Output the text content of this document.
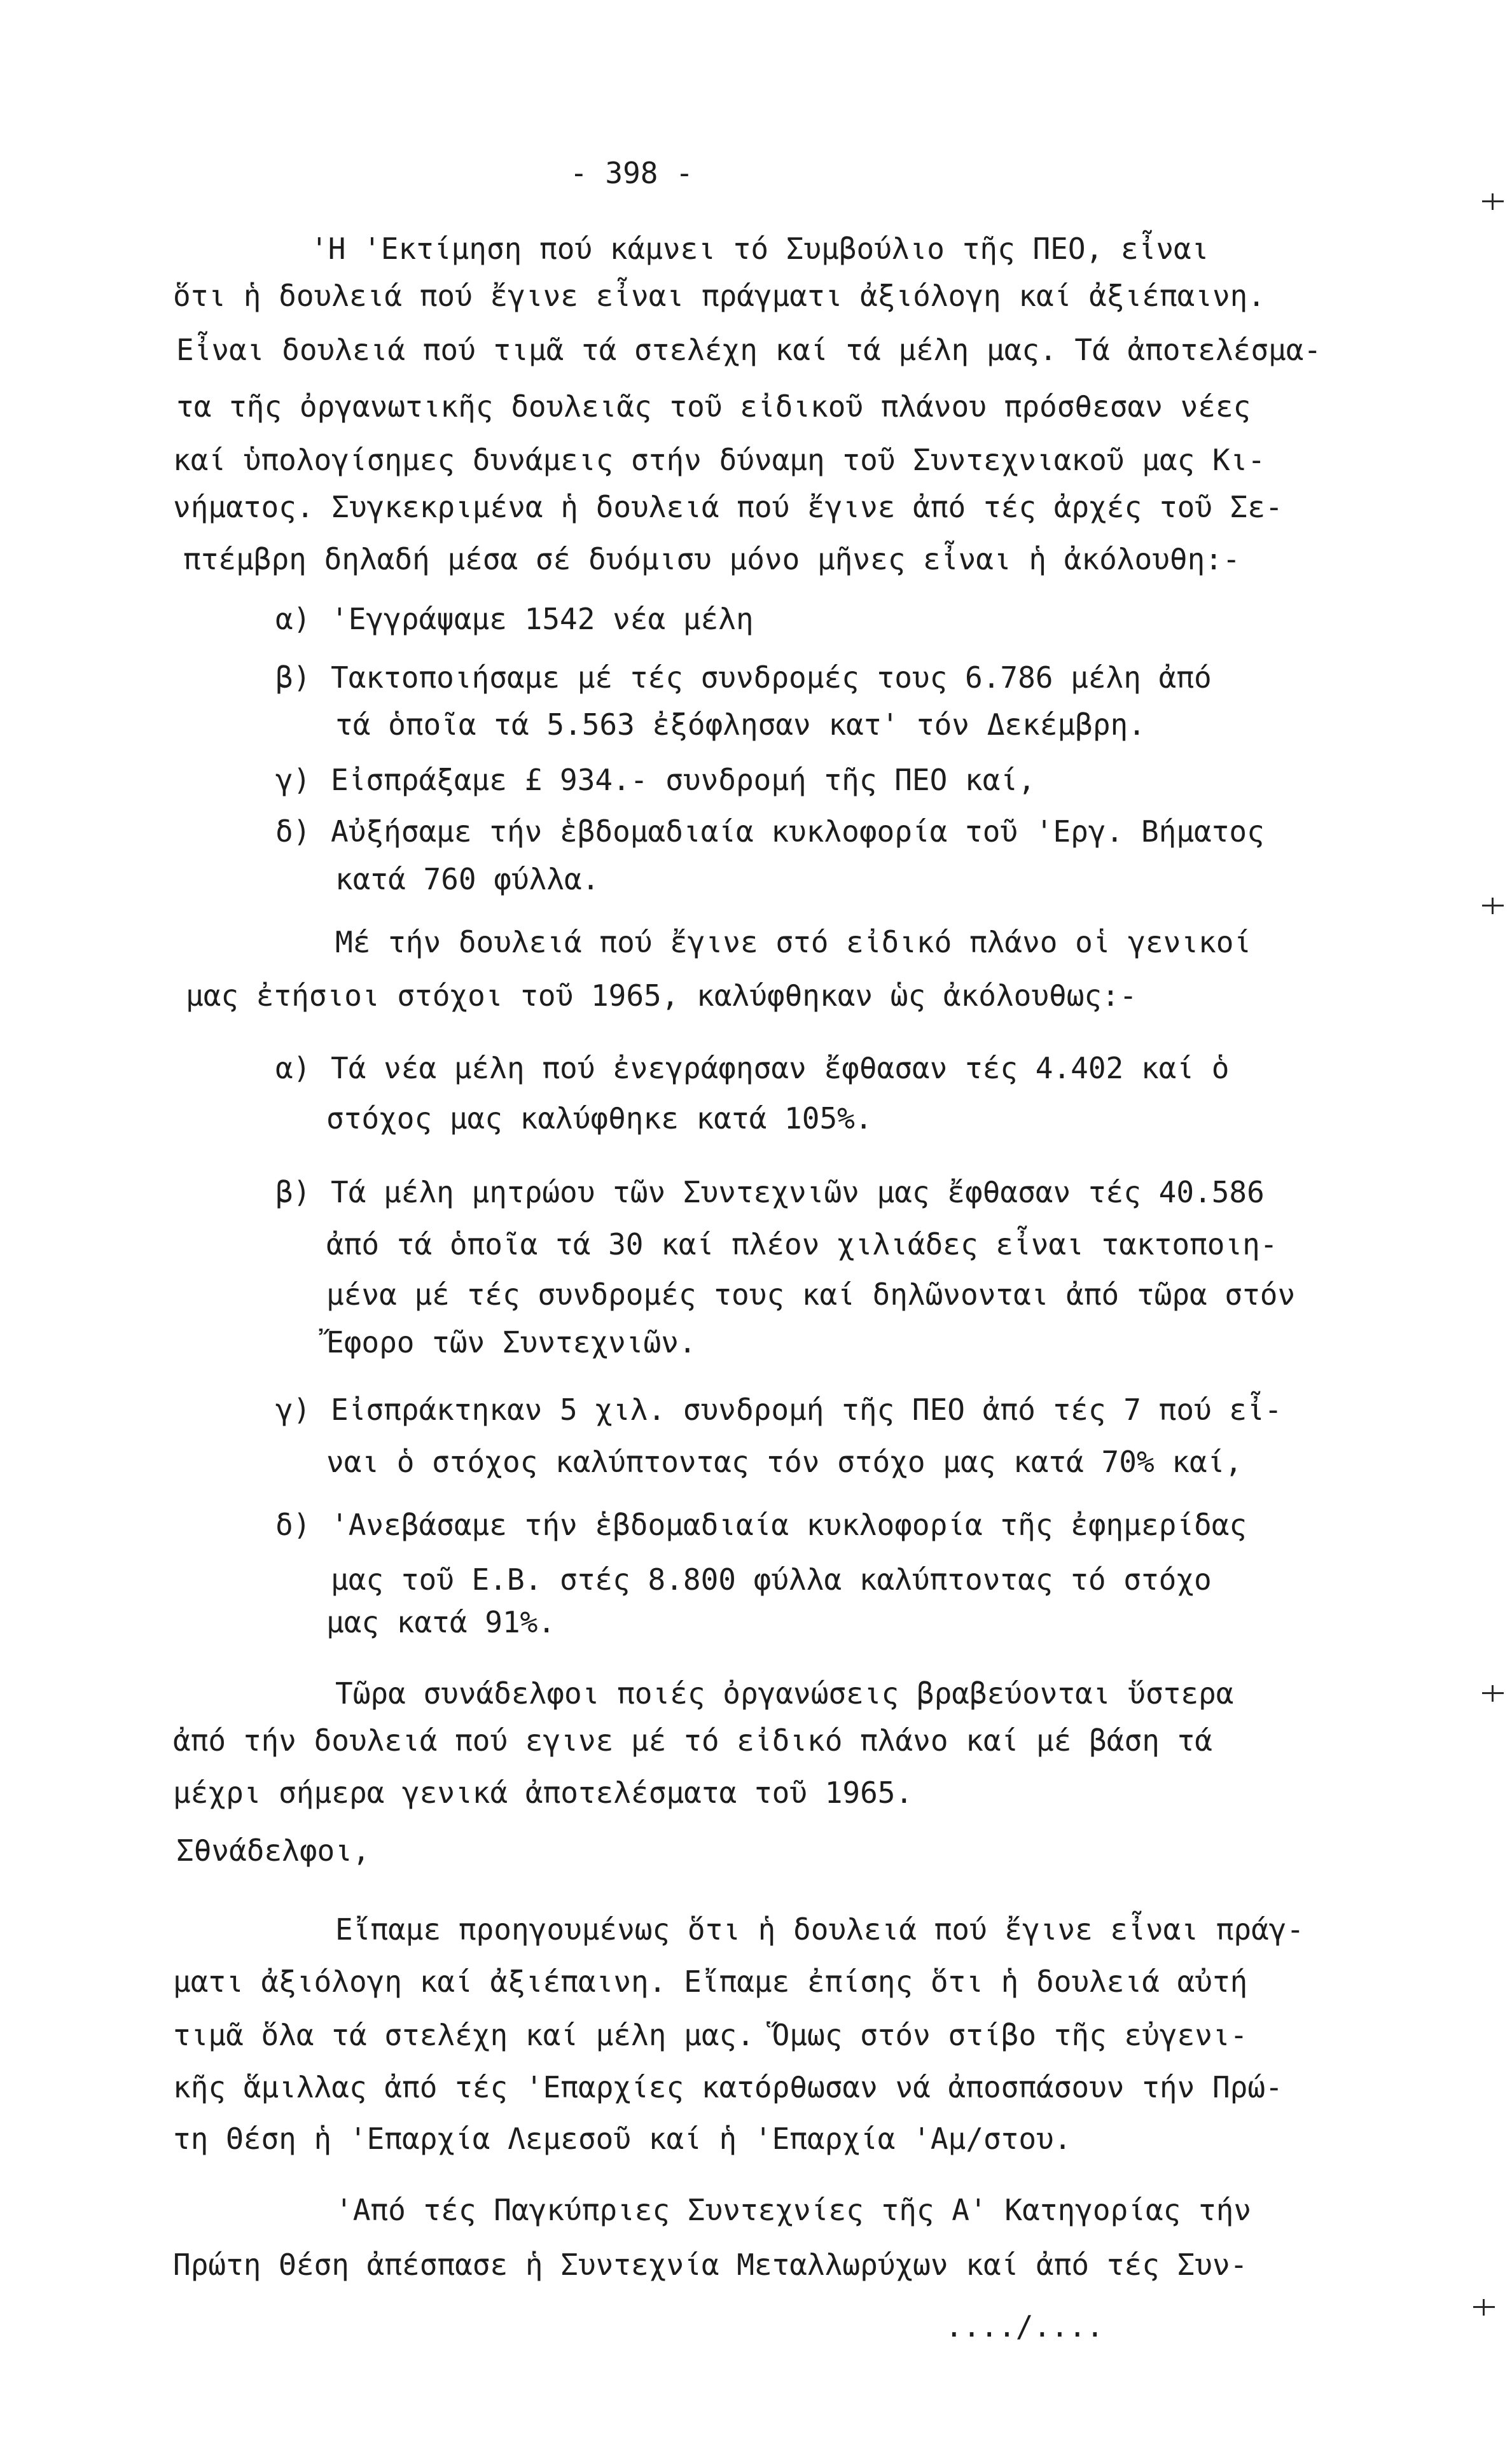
- 398 -
'Η 'Εκτίμηση πού κάμνει τό Συμβούλιο τῆς ΠΕΟ, εἶναι
ὅτι ἡ δουλειά πού ἔγινε εἶναι πράγματι ἀξιόλογη καί ἀξιέπαινη.
Εἶναι δουλειά πού τιμᾶ τά στελέχη καί τά μέλη μας. Τά ἀποτελέσμα-
τα τῆς ὀργανωτικῆς δουλειᾶς τοῦ εἰδικοῦ πλάνου πρόσθεσαν νέες
καί ὑπολογίσημες δυνάμεις στήν δύναμη τοῦ Συντεχνιακοῦ μας Κι-
νήματος. Συγκεκριμένα ἡ δουλειά πού ἔγινε ἀπό τές ἀρχές τοῦ Σε-
πτέμβρη δηλαδή μέσα σέ δυόμισυ μόνο μῆνες εἶναι ἡ ἀκόλουθη:-
α) 'Εγγράψαμε 1542 νέα μέλη
β) Τακτοποιήσαμε μέ τές συνδρομές τους 6.786 μέλη ἀπό
τά ὁποῖα τά 5.563 ἐξόφλησαν κατ' τόν Δεκέμβρη.
γ) Εἰσπράξαμε £ 934.- συνδρομή τῆς ΠΕΟ καί,
δ) Αὐξήσαμε τήν ἑβδομαδιαία κυκλοφορία τοῦ 'Εργ. Βήματος
κατά 760 φύλλα.
Μέ τήν δουλειά πού ἔγινε στό εἰδικό πλάνο οἱ γενικοί
μας ἐτήσιοι στόχοι τοῦ 1965, καλύφθηκαν ὡς ἀκόλουθως:-
α) Τά νέα μέλη πού ἐνεγράφησαν ἔφθασαν τές 4.402 καί ὁ
στόχος μας καλύφθηκε κατά 105%.
β) Τά μέλη μητρώου τῶν Συντεχνιῶν μας ἔφθασαν τές 40.586
ἀπό τά ὁποῖα τά 30 καί πλέον χιλιάδες εἶναι τακτοποιη-
μένα μέ τές συνδρομές τους καί δηλῶνονται ἀπό τῶρα στόν
Ἔφορο τῶν Συντεχνιῶν.
γ) Εἰσπράκτηκαν 5 χιλ. συνδρομή τῆς ΠΕΟ ἀπό τές 7 πού εἶ-
ναι ὁ στόχος καλύπτοντας τόν στόχο μας κατά 70% καί,
δ) 'Ανεβάσαμε τήν ἑβδομαδιαία κυκλοφορία τῆς ἐφημερίδας
μας τοῦ Ε.Β. στές 8.800 φύλλα καλύπτοντας τό στόχο
μας κατά 91%.
Τῶρα συνάδελφοι ποιές ὀργανώσεις βραβεύονται ὕστερα
ἀπό τήν δουλειά πού εγινε μέ τό εἰδικό πλάνο καί μέ βάση τά
μέχρι σήμερα γενικά ἀποτελέσματα τοῦ 1965.
Σθνάδελφοι,
Εἴπαμε προηγουμένως ὅτι ἡ δουλειά πού ἔγινε εἶναι πράγ-
ματι ἀξιόλογη καί ἀξιέπαινη. Εἴπαμε ἐπίσης ὅτι ἡ δουλειά αὐτή
τιμᾶ ὅλα τά στελέχη καί μέλη μας. Ὅμως στόν στίβο τῆς εὐγενι-
κῆς ἅμιλλας ἀπό τές 'Επαρχίες κατόρθωσαν νά ἀποσπάσουν τήν Πρώ-
τη Θέση ἡ 'Επαρχία Λεμεσοῦ καί ἡ 'Επαρχία 'Αμ/στου.
'Από τές Παγκύπριες Συντεχνίες τῆς Α' Κατηγορίας τήν
Πρώτη Θέση ἀπέσπασε ἡ Συντεχνία Μεταλλωρύχων καί ἀπό τές Συν-
..../....
